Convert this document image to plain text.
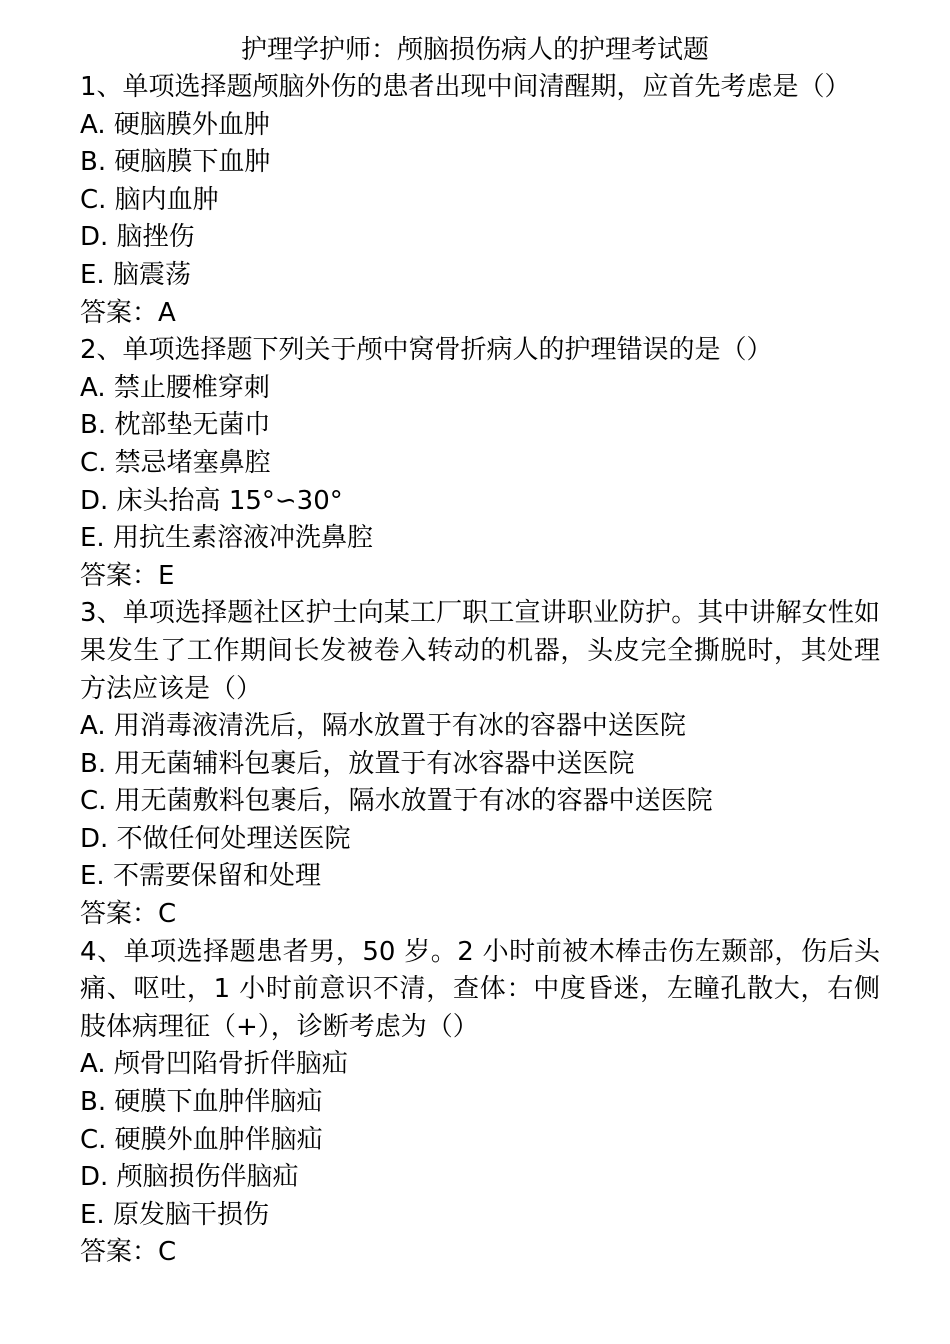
护理学护师：颅脑损伤病人的护理考试题
1、单项选择题颅脑外伤的患者出现中间清醒期，应首先考虑是（）
A. 硬脑膜外血肿
B. 硬脑膜下血肿
C. 脑内血肿
D. 脑挫伤
E. 脑震荡
答案：A
2、单项选择题下列关于颅中窝骨折病人的护理错误的是（）
A. 禁止腰椎穿刺
B. 枕部垫无菌巾
C. 禁忌堵塞鼻腔
D. 床头抬高 15°∽30°
E. 用抗生素溶液冲洗鼻腔
答案：E
3、单项选择题社区护士向某工厂职工宣讲职业防护。其中讲解女性如果发生了工作期间长发被卷入转动的机器，头皮完全撕脱时，其处理方法应该是（）
A. 用消毒液清洗后，隔水放置于有冰的容器中送医院
B. 用无菌辅料包裹后，放置于有冰容器中送医院
C. 用无菌敷料包裹后，隔水放置于有冰的容器中送医院
D. 不做任何处理送医院
E. 不需要保留和处理
答案：C
4、单项选择题患者男，50 岁。2 小时前被木棒击伤左颞部，伤后头痛、呕吐，1 小时前意识不清，查体：中度昏迷，左瞳孔散大，右侧肢体病理征（+），诊断考虑为（）
A. 颅骨凹陷骨折伴脑疝
B. 硬膜下血肿伴脑疝
C. 硬膜外血肿伴脑疝
D. 颅脑损伤伴脑疝
E. 原发脑干损伤
答案：C
